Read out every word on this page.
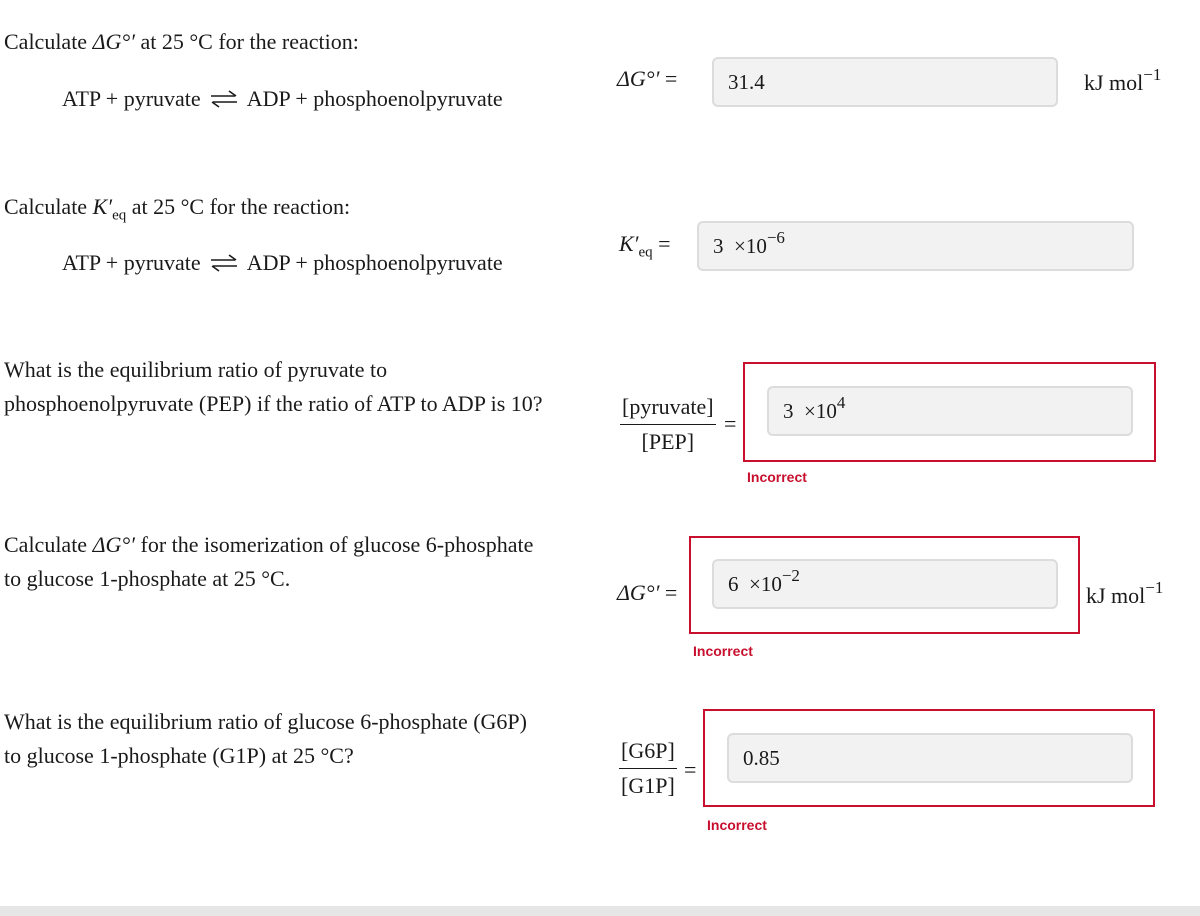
Calculate ΔG°′ at 25 °C for the reaction:
ATP + pyruvate ⇌ ADP + phosphoenolpyruvate
ΔG°′ = 31.4	kJ mol$^{-1}$
Calculate $K'_{eq}$ at 25 °C for the reaction:
ATP + pyruvate ⇌ ADP + phosphoenolpyruvate
$K'_{eq} = 3 \times 10^{-6}$
What is the equilibrium ratio of pyruvate to
phosphoenolpyruvate (PEP) if the ratio of ATP to ADP is 10?	[pyruvate]
[PEP]
=
$3 \times 10^4$
Incorrect
Calculate ΔG°′ for the isomerization of glucose 6-phosphate
to glucose 1-phosphate at 25 °C.
$\Delta G^\circ' = 6 \times 10^{-2}$
kJ mol$^{-1}$
Incorrect
What is the equilibrium ratio of glucose 6-phosphate (G6P)
to glucose 1-phosphate (G1P) at 25 °C?	$\frac{[G6P]}{[G1P]} = 0.85$
Incorrect
